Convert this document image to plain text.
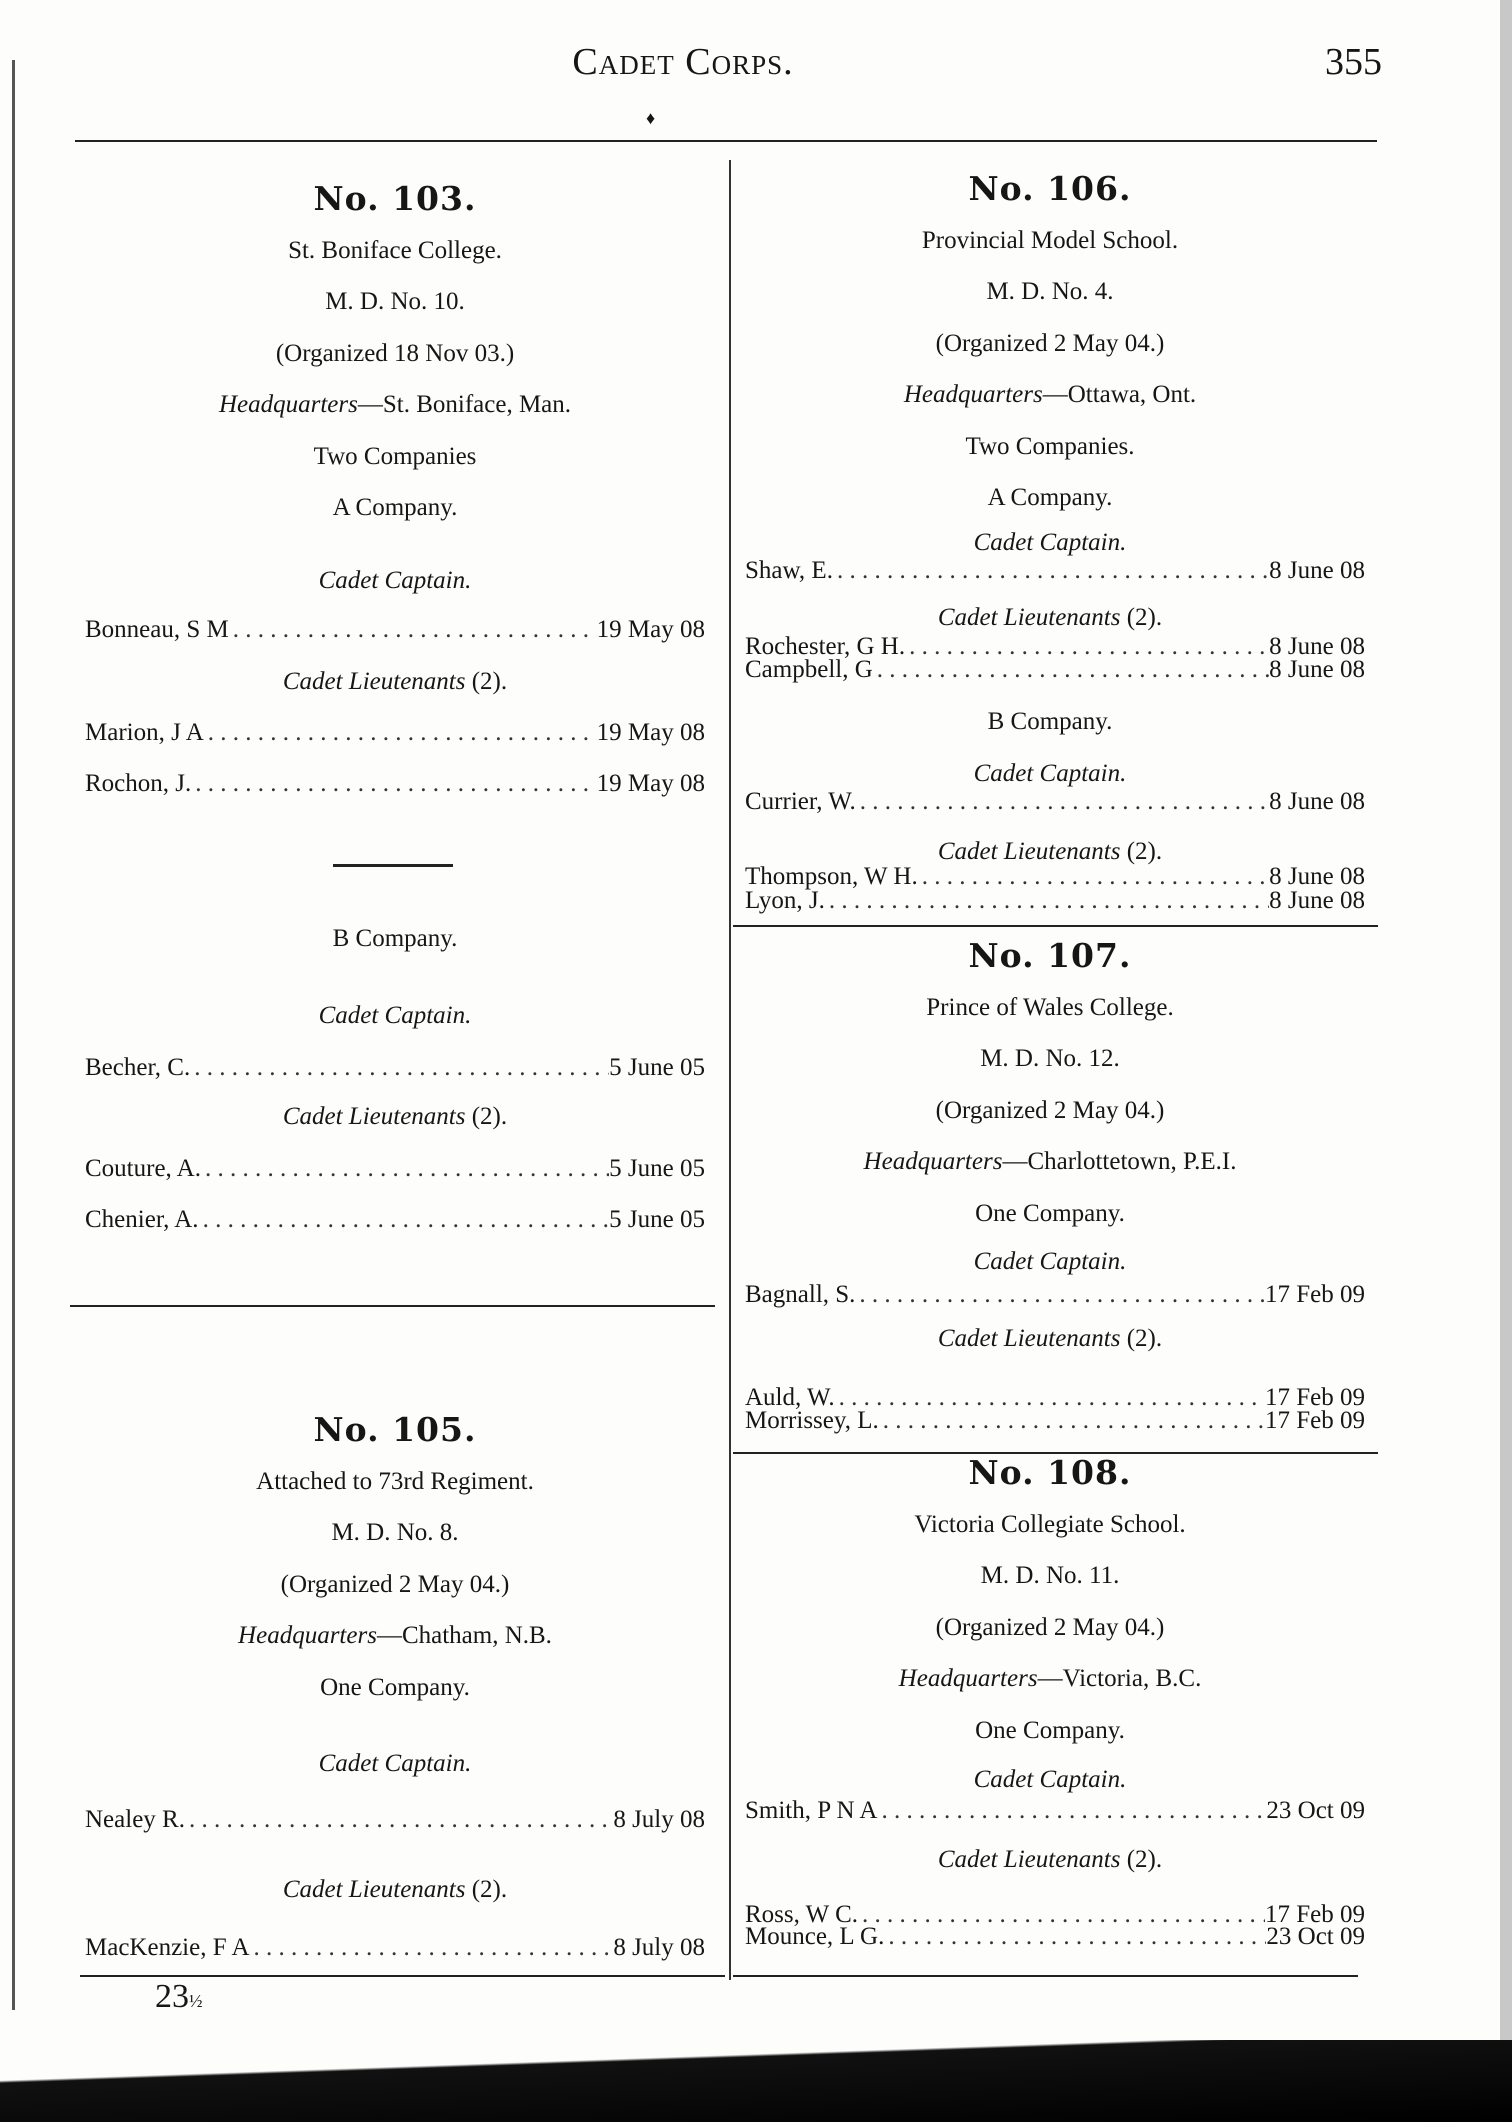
Cadet Corps.	355
♦
No. 103.
St. Boniface College.
M. D. No. 10.
(Organized 18 Nov 03.)
Headquarters—St. Boniface, Man.
Two Companies
A Company.
Cadet Captain.
Bonneau, S M . . .	19 May 08
Cadet Lieutenants (2).
Marion, J A . . .	19 May 08
Rochon, J. . . .	19 May 08
B Company.
Cadet Captain.
Becher, C. . . .	5 June 05
Cadet Lieutenants (2).
Couture, A. . . .	5 June 05
Chenier, A. . . .	5 June 05
No. 105.
Attached to 73rd Regiment.
M. D. No. 8.
(Organized 2 May 04.)
Headquarters—Chatham, N.B.
One Company.
Cadet Captain.
Nealey R. . . .	8 July 08
Cadet Lieutenants (2).
MacKenzie, F A . . .	8 July 08
No. 106.
Provincial Model School.
M. D. No. 4.
(Organized 2 May 04.)
Headquarters—Ottawa, Ont.
Two Companies.
A Company.
Cadet Captain.
Shaw, E. . . .	8 June 08
Cadet Lieutenants (2).
Rochester, G H. . . .	8 June 08
Campbell, G . . .	8 June 08
B Company.
Cadet Captain.
Currier, W. . . .	8 June 08
Cadet Lieutenants (2).
Thompson, W H. . . .	8 June 08
Lyon, J. . . .	8 June 08
No. 107.
Prince of Wales College.
M. D. No. 12.
(Organized 2 May 04.)
Headquarters—Charlottetown, P.E.I.
One Company.
Cadet Captain.
Bagnall, S. . . .	17 Feb 09
Cadet Lieutenants (2).
Auld, W. . . .	17 Feb 09
Morrissey, L. . . .	17 Feb 09
No. 108.
Victoria Collegiate School.
M. D. No. 11.
(Organized 2 May 04.)
Headquarters—Victoria, B.C.
One Company.
Cadet Captain.
Smith, P N A . . .	23 Oct 09
Cadet Lieutenants (2).
Ross, W C. . . .	17 Feb 09
Mounce, L G. . . .	23 Oct 09
23½
